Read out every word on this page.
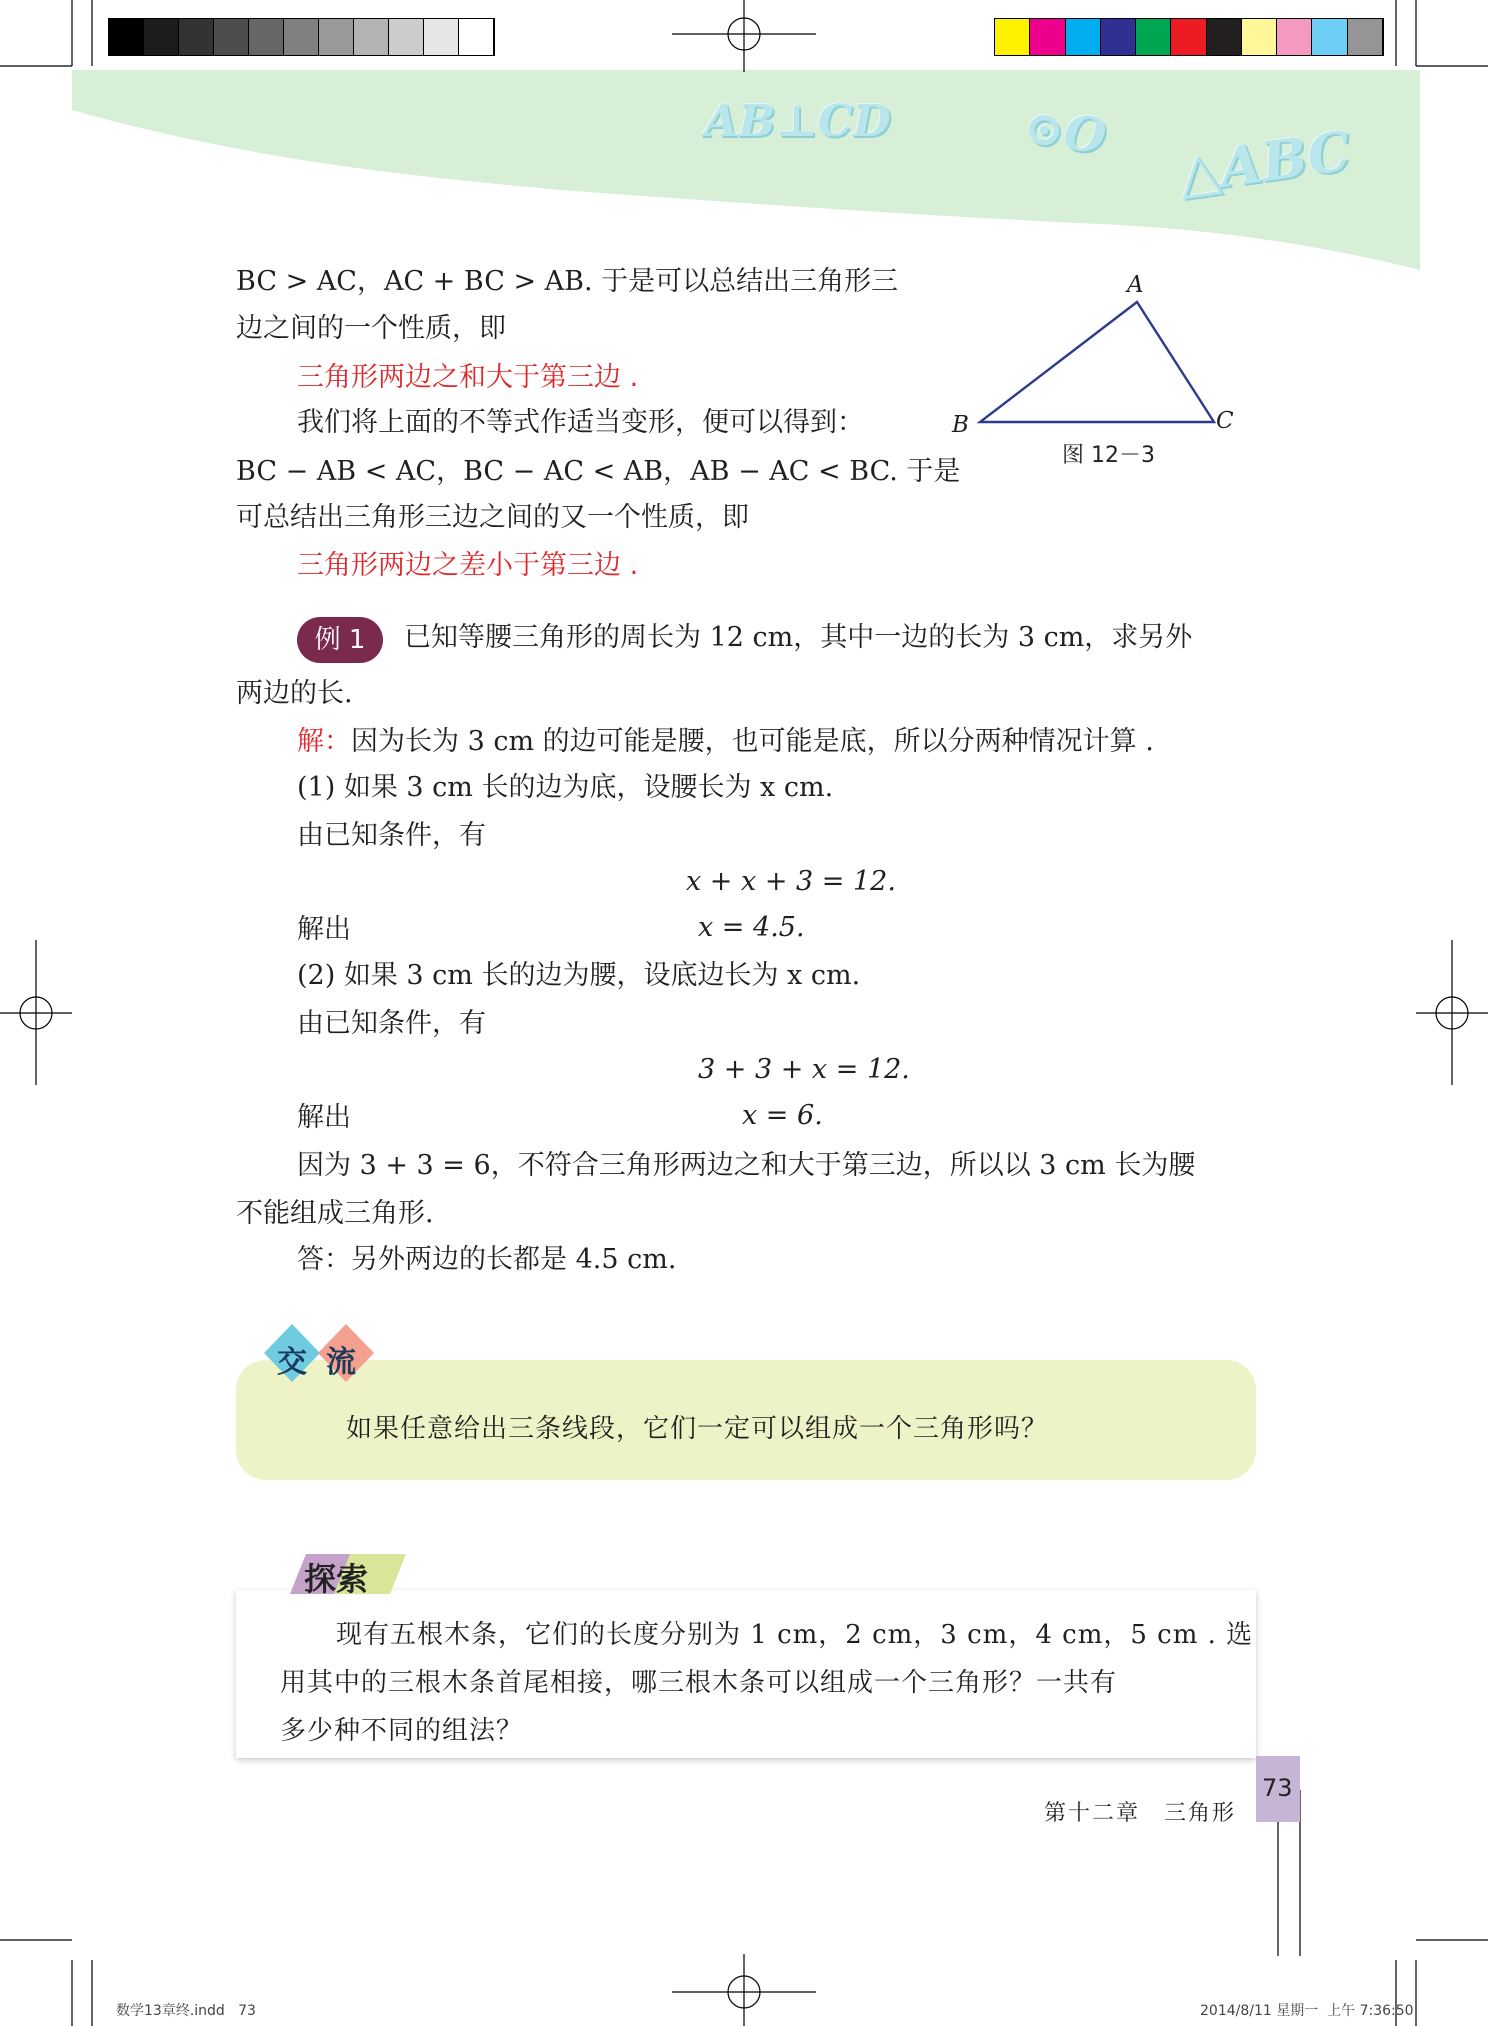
AB⊥CD	⊙O △ABC
BC > AC，AC + BC > AB. 于是可以总结出三角形三
边之间的一个性质，即
三角形两边之和大于第三边 .
我们将上面的不等式作适当变形，便可以得到：
BC − AB < AC，BC − AC < AB，AB − AC < BC. 于是
可总结出三角形三边之间的又一个性质，即
三角形两边之差小于第三边 .
A
B	C
图 12－3
例 1	已知等腰三角形的周长为 12 cm，其中一边的长为 3 cm，求另外
两边的长.
解：因为长为 3 cm 的边可能是腰，也可能是底，所以分两种情况计算 .
(1) 如果 3 cm 长的边为底，设腰长为 x cm.
由已知条件，有
x + x + 3 = 12.
解出	x = 4.5.
(2) 如果 3 cm 长的边为腰，设底边长为 x cm.
由已知条件，有
3 + 3 + x = 12.
解出	x = 6.
因为 3 + 3 = 6，不符合三角形两边之和大于第三边，所以以 3 cm 长为腰
不能组成三角形.
答：另外两边的长都是 4.5 cm.
交 流
如果任意给出三条线段，它们一定可以组成一个三角形吗？
探索
现有五根木条，它们的长度分别为 1 cm，2 cm，3 cm，4 cm，5 cm . 选
用其中的三根木条首尾相接，哪三根木条可以组成一个三角形？一共有
多少种不同的组法？
73
第十二章　三角形
数学13章终.indd   73	2014/8/11 星期一  上午 7:36:50
